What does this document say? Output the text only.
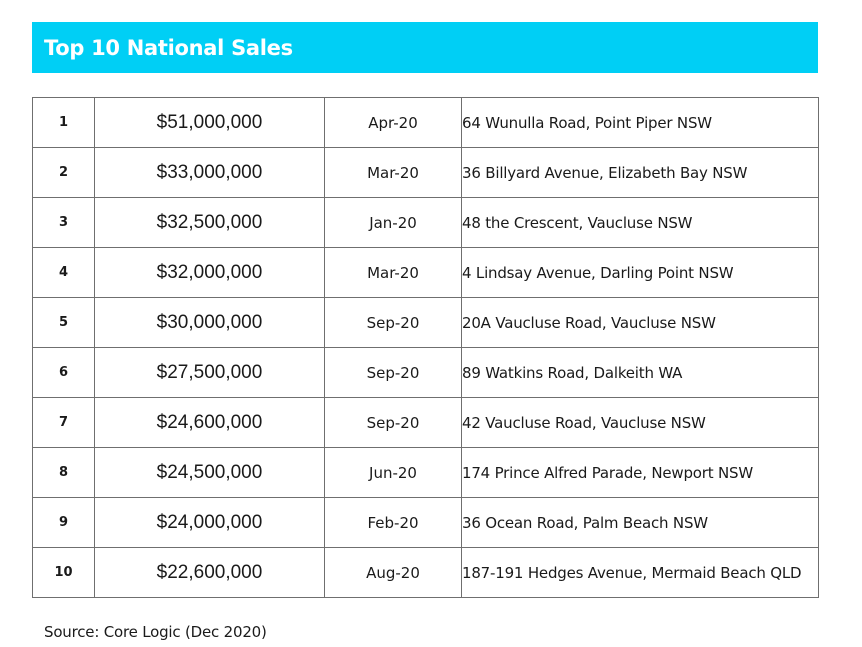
Top 10 National Sales
1	$51,000,000	Apr-20	64 Wunulla Road, Point Piper NSW
2	$33,000,000	Mar-20	36 Billyard Avenue, Elizabeth Bay NSW
3	$32,500,000	Jan-20	48 the Crescent, Vaucluse NSW
4	$32,000,000	Mar-20	4 Lindsay Avenue, Darling Point NSW
5	$30,000,000	Sep-20	20A Vaucluse Road, Vaucluse NSW
6	$27,500,000	Sep-20	89 Watkins Road, Dalkeith WA
7	$24,600,000	Sep-20	42 Vaucluse Road, Vaucluse NSW
8	$24,500,000	Jun-20	174 Prince Alfred Parade, Newport NSW
9	$24,000,000	Feb-20	36 Ocean Road, Palm Beach NSW
10	$22,600,000	Aug-20	187-191 Hedges Avenue, Mermaid Beach QLD
Source: Core Logic (Dec 2020)
